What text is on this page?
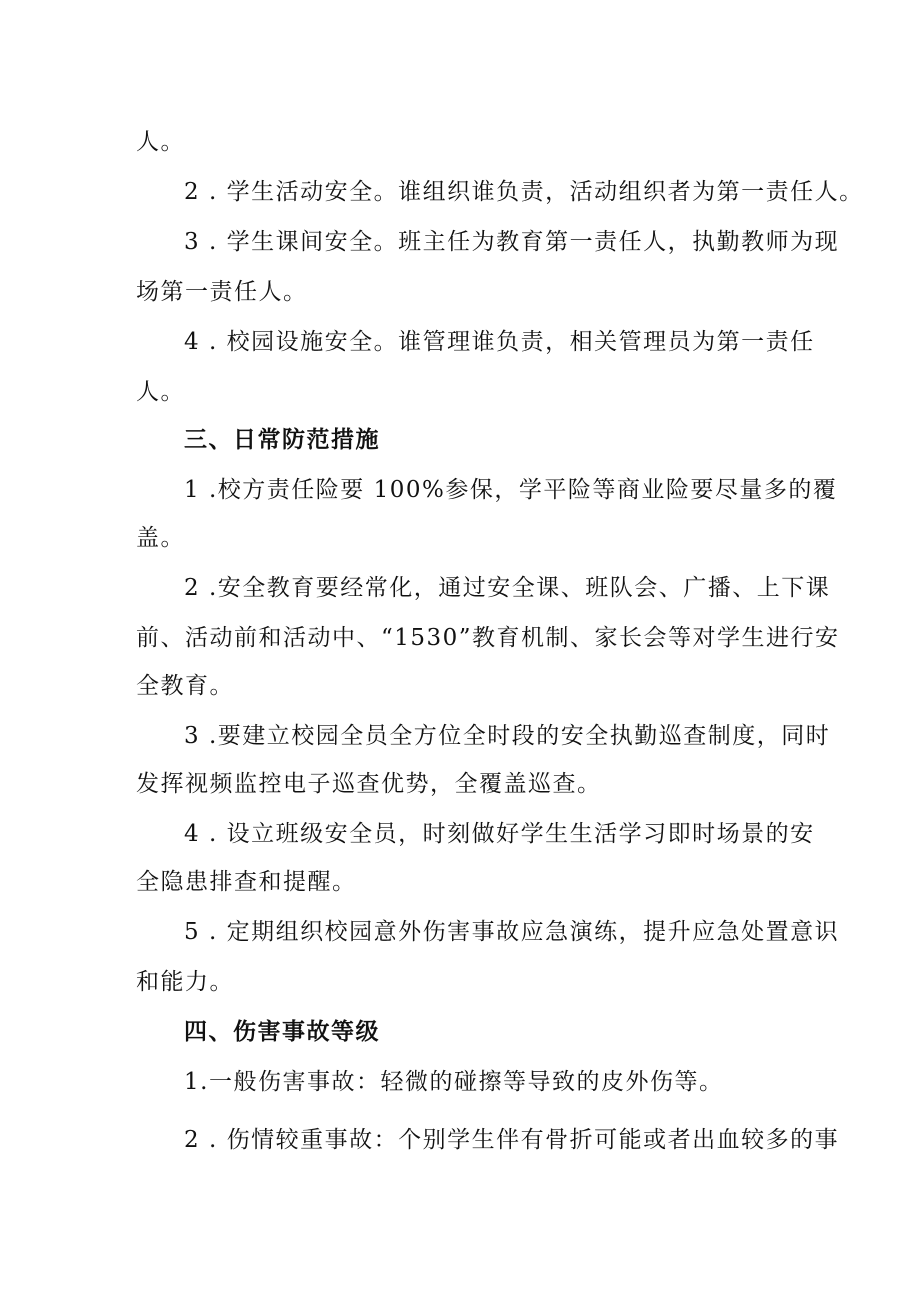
人。
2 . 学生活动安全。谁组织谁负责，活动组织者为第一责任人。
3 . 学生课间安全。班主任为教育第一责任人，执勤教师为现
场第一责任人。
4 . 校园设施安全。谁管理谁负责，相关管理员为第一责任
人。
三、日常防范措施
1 .校方责任险要 100%参保，学平险等商业险要尽量多的覆
盖。
2 .安全教育要经常化，通过安全课、班队会、广播、上下课
前、活动前和活动中、“1530”教育机制、家长会等对学生进行安
全教育。
3 .要建立校园全员全方位全时段的安全执勤巡查制度，同时
发挥视频监控电子巡查优势，全覆盖巡查。
4 . 设立班级安全员，时刻做好学生生活学习即时场景的安
全隐患排查和提醒。
5 . 定期组织校园意外伤害事故应急演练，提升应急处置意识
和能力。
四、伤害事故等级
1.一般伤害事故：轻微的碰擦等导致的皮外伤等。
2 . 伤情较重事故：个别学生伴有骨折可能或者出血较多的事
